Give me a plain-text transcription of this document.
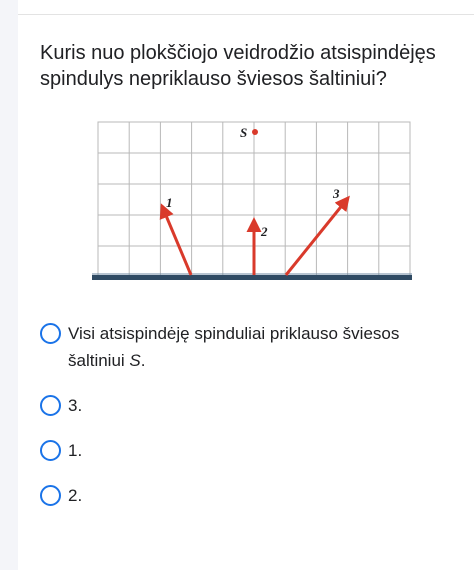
Kuris nuo plokščiojo veidrodžio atsispindėjęs spindulys nepriklauso šviesos šaltiniui?
S
1
2
3
Visi atsispindėję spinduliai priklauso šviesos šaltiniui S.
3.
1.
2.
